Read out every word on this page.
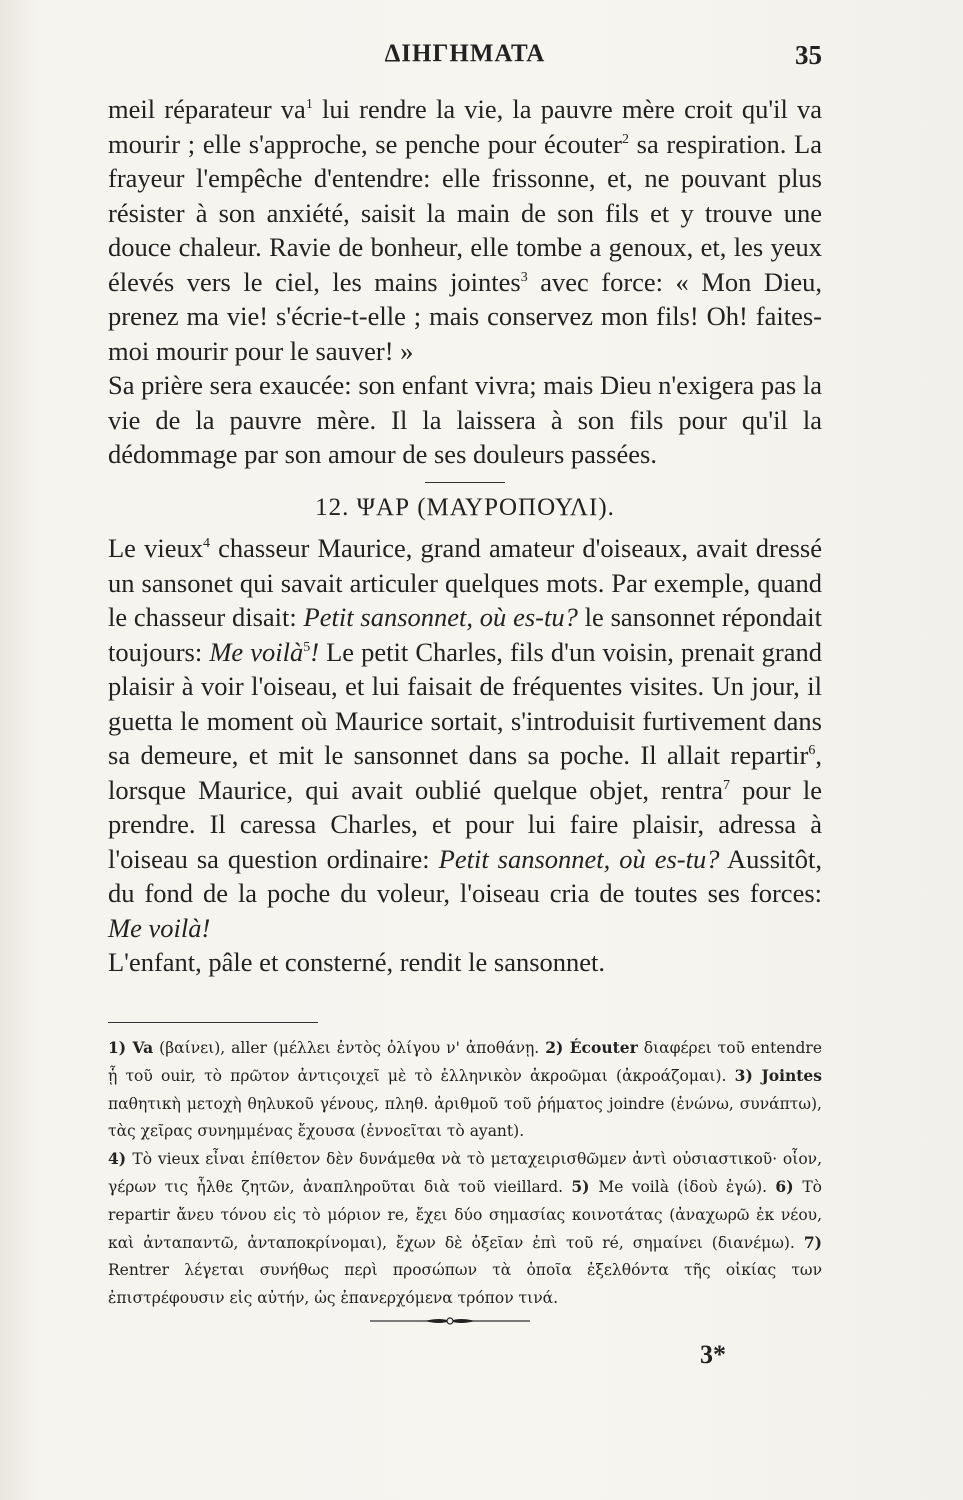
ΔΙΗΓΗΜΑΤΑ	35

meil réparateur $va^1$ lui rendre la vie, la pauvre mère croit qu'il va mourir ; elle s'approche, se penche pour écouter$^2$ sa respiration. La frayeur l'empêche d'entendre: elle frissonne, et, ne pouvant plus résister à son anxiété, saisit la main de son fils et y trouve une douce chaleur. Ravie de bonheur, elle tombe a genoux, et, les yeux élevés vers le ciel, les mains jointes$^3$ avec force: « Mon Dieu, prenez ma vie! s'écrie-t-elle ; mais conservez mon fils! Oh! faites-moi mourir pour le sauver! »

Sa prière sera exaucée: son enfant vivra; mais Dieu n'exigera pas la vie de la pauvre mère. Il la laissera à son fils pour qu'il la dédommage par son amour de ses douleurs passées.

12. ΨΑΡ (ΜΑΥΡΟΠΟΥΛΙ).

Le vieux$^4$ chasseur Maurice, grand amateur d'oiseaux, avait dressé un sansonet qui savait articuler quelques mots. Par exemple, quand le chasseur disait: Petit sansonnet, où es-tu? le sansonnet répondait toujours: Me voilà$^5$! Le petit Charles, fils d'un voisin, prenait grand plaisir à voir l'oiseau, et lui faisait de fréquentes visites. Un jour, il guetta le moment où Maurice sortait, s'introduisit furtivement dans sa demeure, et mit le sansonnet dans sa poche. Il allait repartir$^6$, lorsque Maurice, qui avait oublié quelque objet, rentra$^7$ pour le prendre. Il caressa Charles, et pour lui faire plaisir, adressa à l'oiseau sa question ordinaire: Petit sansonnet, où es-tu? Aussitôt, du fond de la poche du voleur, l'oiseau cria de toutes ses forces: Me voilà!

L'enfant, pâle et consterné, rendit le sansonnet.

1) Va (βαίνει), aller (μέλλει ἐντὸς ὀλίγου ν' ἀποθάνῃ. 2) Écouter διαφέρει τοῦ entendre ᾗ τοῦ ouir, τὸ πρῶτον ἀντιςοιχεῖ μὲ τὸ ἑλληνικὸν ἀκροῶμαι (ἀκροάζομαι). 3) Jointes παθητικὴ μετοχὴ θηλυκοῦ γένους, πληθ. ἀριθμοῦ τοῦ ῥήματος joindre (ἑνώνω, συνάπτω), τὰς χεῖρας συνημμένας ἔχουσα (ἐννοεῖται τὸ ayant).

4) Τὸ vieux εἶναι ἐπίθετον δὲν δυνάμεθα νὰ τὸ μεταχειρισθῶμεν ἀντὶ οὐσιαστικοῦ· οἷον, γέρων τις ἦλθε ζητῶν, ἀναπληροῦται διὰ τοῦ vieillard. 5) Me voilà (ἰδοὺ ἐγώ). 6) Τὸ repartir ἄνευ τόνου εἰς τὸ μόριον re, ἔχει δύο σημασίας κοινοτάτας (ἀναχωρῶ ἐκ νέου, καὶ ἀνταπαντῶ, ἀνταποκρίνομαι), ἔχων δὲ ὀξεῖαν ἐπὶ τοῦ ré, σημαίνει (διανέμω). 7) Rentrer λέγεται συνήθως περὶ προσώπων τὰ ὁποῖα ἐξελθόντα τῆς οἰκίας των ἐπιστρέφουσιν εἰς αὐτήν, ὡς ἐπανερχόμενα τρόπον τινά.

3*
